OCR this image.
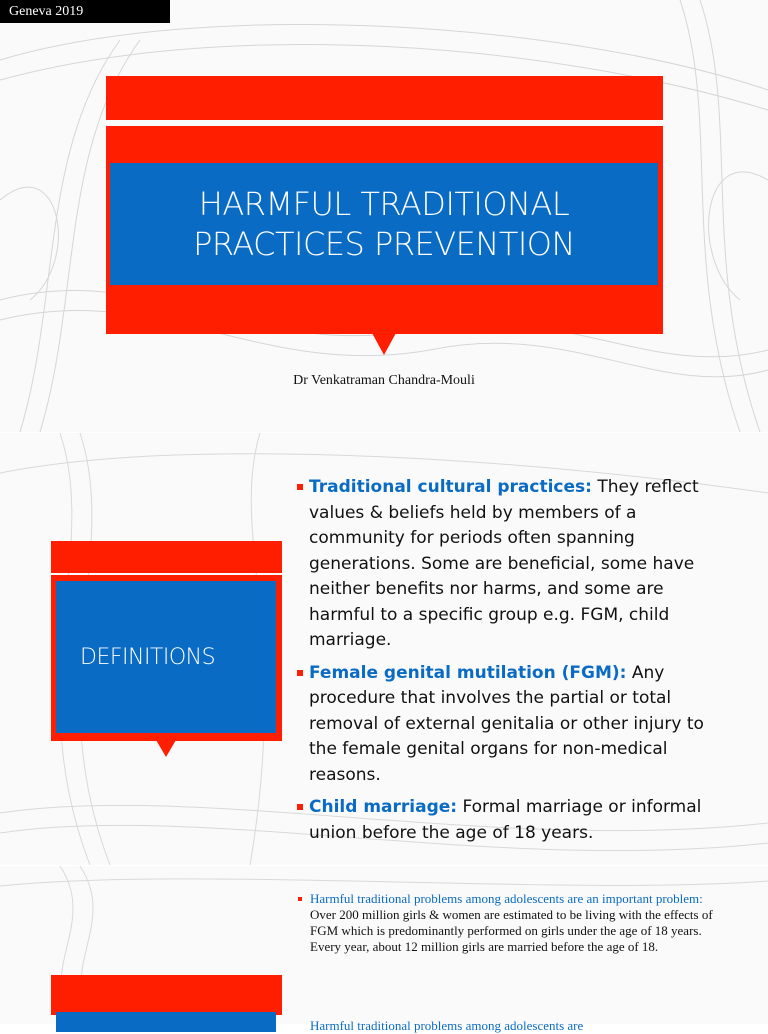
Geneva 2019
HARMFUL TRADITIONAL PRACTICES PREVENTION
Dr Venkatraman Chandra-Mouli
DEFINITIONS
Traditional cultural practices: They reflect values & beliefs held by members of a community for periods often spanning generations. Some are beneficial, some have neither benefits nor harms, and some are harmful to a specific group e.g. FGM, child marriage.
Female genital mutilation (FGM): Any procedure that involves the partial or total removal of external genitalia or other injury to the female genital organs for non-medical reasons.
Child marriage: Formal marriage or informal union before the age of 18 years.
Harmful traditional problems among adolescents are an important problem: Over 200 million girls & women are estimated to be living with the effects of FGM which is predominantly performed on girls under the age of 18 years. Every year, about 12 million girls are married before the age of 18.
Harmful traditional problems among adolescents are
